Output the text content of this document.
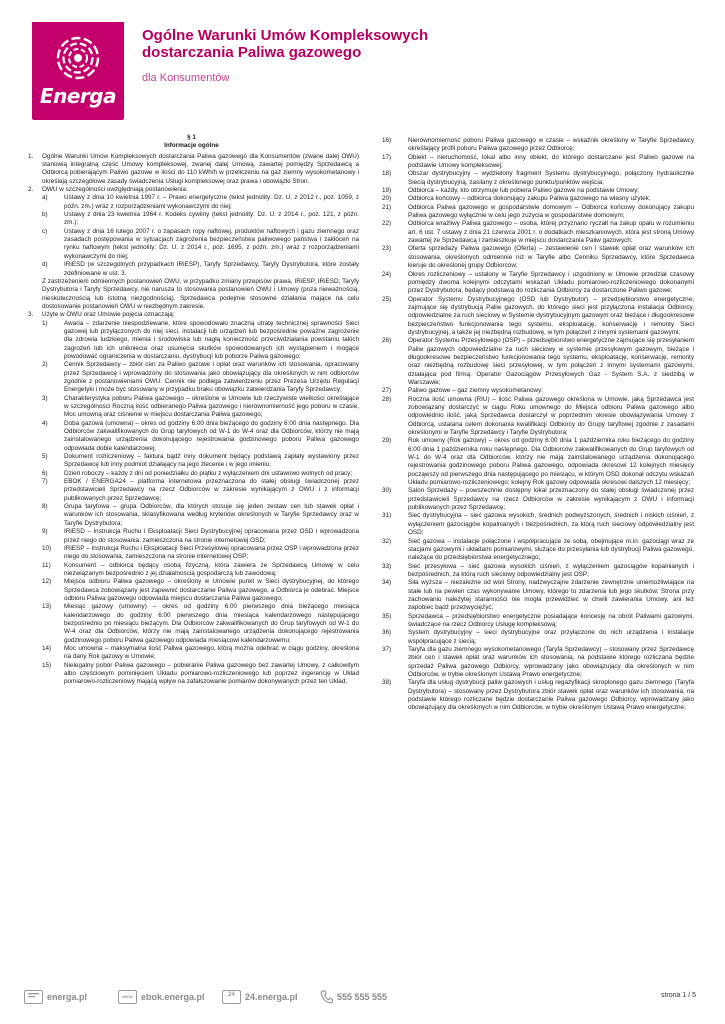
Energa
Ogólne Warunki Umów Kompleksowych
dostarczania Paliwa gazowego
dla Konsumentów
§ 1
Informacje ogólne
1. Ogólne Warunki Umów Kompleksowych dostarczania Paliwa gazowego dla Konsumentów (zwane dalej OWU) stanowią integralną część Umowy kompleksowej, zwanej dalej Umową, zawartej pomiędzy Sprzedawcą a Odbiorcą pobierającym Paliwo gazowe w ilości do 110 kWh/h w przeliczeniu na gaz ziemny wysokometanowy i określają szczegółowe zasady świadczenia Usługi kompleksowej oraz prawa i obowiązki Stron.
2. OWU w szczególności uwzględniają postanowienia:
a)	Ustawy z dnia 10 kwietnia 1997 r. – Prawo energetyczne (tekst jednolity: Dz. U. z 2012 r., poz. 1059, z późn. zm.) wraz z rozporządzeniami wykonawczymi do niej;
b)	Ustawy z dnia 23 kwietnia 1964 r. Kodeks cywilny (tekst jednolity: Dz. U. z 2014 r., poz. 121, z późn. zm.);
c)	Ustawy z dnia 16 lutego 2007 r. o zapasach ropy naftowej, produktów naftowych i gazu ziemnego oraz zasadach postępowania w sytuacjach zagrożenia bezpieczeństwa paliwowego państwa i zakłóceń na rynku naftowym (tekst jednolity: Dz. U. z 2014 r., poz. 1695, z późn. zm.) wraz z rozporządzeniami wykonawczymi do niej;
d)	IRiESD (w szczególnych przypadkach IRiESP), Taryfy Sprzedawcy, Taryfy Dystrybutora, które zostały zdefiniowane w ust. 3.

Z zastrzeżeniem odmiennych postanowień OWU, w przypadku zmiany przepisów prawa, IRiESP, IRiESD, Taryfy Dystrybutora i Taryfy Sprzedawcy, nie narusza to stosowania postanowień OWU i Umowy (poza nieważnością, nieskutecznością lub istotną niezgodnością). Sprzedawca podejmie stosowne działania mające na celu dostosowanie postanowień OWU w niezbędnym zakresie.

3. Użyte w OWU oraz Umowie pojęcia oznaczają:
1)	Awaria – zdarzenie niespodziewane, które spowodowało znaczną utratę technicznej sprawności Sieci gazowej lub przyłączonych do niej sieci, instalacji lub urządzeń lub bezpośrednie poważne zagrożenie dla zdrowia ludzkiego, mienia i środowiska lub nagłą konieczność przeciwdziałania powstaniu takich zagrożeń lub ich unikniecia oraz usunięcia skutków spowodowanych ich wystąpieniem i mogące powodować ograniczenia w dostarczaniu, dystrybucji lub poborze Paliwa gazowego;
2)	Cennik Sprzedawcy – zbiór cen za Paliwo gazowe i opłat oraz warunków ich stosowania, opracowany przez Sprzedawcę i wprowadzony do stosowania jako obowiązujący dla określonych w nim odbiorców zgodnie z postanowieniami OWU. Cennik nie podlega zatwierdzeniu przez Prezesa Urzędu Regulacji Energetyki i może być stosowany w przypadku braku obowiązku zatwierdzania Taryfy Sprzedawcy;
3)	Charakterystyka poboru Paliwa gazowego – określone w Umowie lub rzeczywiste wielkości określające w szczególności Roczną ilość odbieranego Paliwa gazowego i nierównomierność jego poboru w czasie, Moc umowną oraz ciśnienie w miejscu dostarczania Paliwa gazowego;
4)	Doba gazowa (umowna) – okres od godziny 6:00 dnia bieżącego do godziny 6:00 dnia następnego. Dla Odbiorców zakwalifikowanych do Grup taryfowych od W-1 do W-4 oraz dla Odbiorców, którzy nie mają zainstalowanego urządzenia dokonującego rejestrowania godzinowego poboru Paliwa gazowego odpowiada dobie kalendarzowej;
5)	Dokument rozliczeniowy – faktura bądź inny dokument będący podstawą zapłaty wystawiony przez Sprzedawcę lub inny podmiot działający na jego zlecenie i w jego imieniu;
6)	Dzień roboczy – każdy z dni od poniedziałku do piątku z wyłączeniem dni ustawowo wolnych od pracy;
7)	EBOK / ENERGA24 – platforma internetowa przeznaczona do stałej obsługi świadczonej przez przedstawicieli Sprzedawcy na rzecz Odbiorców w zakresie wynikającym z OWU i z informacji publikowanych przez Sprzedawcę;
8)	Grupa taryfowa – grupa Odbiorców, dla których stosuje się jeden zestaw cen lub stawek opłat i warunków ich stosowania, sklasyfikowana według kryteriów określonych w Taryfie Sprzedawcy oraz w Taryfie Dystrybutora;
9)	IRiESD – Instrukcja Ruchu i Eksploatacji Sieci Dystrybucyjnej opracowana przez OSD i wprowadzona przez niego do stosowania, zamieszczona na stronie internetowej OSD;
10) IRiESP – Instrukcja Ruchu i Eksploatacji Sieci Przesyłowej opracowana przez OSP i wprowadzona przez niego do stosowania, zamieszczona na stronie internetowej OSP;
11) Konsument – odbiorca będący osobą fizyczną, która zawiera ze Sprzedawcą Umowę w celu niezwiązanym bezpośrednio z jej działalnością gospodarczą lub zawodową;
12) Miejsce odbioru Paliwa gazowego – określony w Umowie punkt w Sieci dystrybucyjnej, do którego Sprzedawca zobowiązany jest zapewnić dostarczanie Paliwa gazowego, a Odbiorca je odebrać. Miejsce odbioru Paliwa gazowego odpowiada miejscu dostarczania Paliwa gazowego;
13) Miesiąc gazowy (umowny) – okres od godziny 6:00 pierwszego dnia bieżącego miesiąca kalendarzowego do godziny 6:00 pierwszego dnia miesiąca kalendarzowego następującego bezpośrednio po miesiącu bieżącym. Dla Odbiorców zakwalifikowanych do Grup taryfowych od W-1 do W-4 oraz dla Odbiorców, którzy nie mają zainstalowanego urządzenia dokonującego rejestrowania godzinowego poboru Paliwa gazowego odpowiada miesiącowi kalendarzowemu;
14) Moc umowna – maksymalna ilość Paliwa gazowego, którą można odebrać w ciągu godziny, określona na dany Rok gazowy w Umowie;
15) Nielegalny pobór Paliwa gazowego – pobieranie Paliwa gazowego bez zawartej Umowy, z całkowitym albo częściowym pominięciem Układu pomiarowo-rozliczeniowego lub poprzez ingerencję w Układ pomiarowo-rozliczeniowy mającą wpływ na zafałszowanie pomiarów dokonywanych przez ten Układ;
16)	Nierównomierność poboru Paliwa gazowego w czasie – wskaźnik określony w Taryfie Sprzedawcy określający profil poboru Paliwa gazowego przez Odbiorcę;
17)	Obiekt – nieruchomość, lokal albo inny obiekt, do którego dostarczane jest Paliwo gazowe na podstawie Umowy kompleksowej;
18)	Obszar dystrybucyjny – wydzielony fragment Systemu dystrybucyjnego, połączony hydraulicznie Siecią dystrybucyjną, zasilany z określonego punktu/punktów wejścia;
19)	Odbiorca – każdy, kto otrzymuje lub pobiera Paliwo gazowe na podstawie Umowy;
20)	Odbiorca końcowy – odbiorca dokonujący zakupu Paliwa gazowego na własny użytek;
21)	Odbiorca Paliwa gazowego w gospodarstwie domowym – Odbiorca końcowy dokonujący zakupu Paliwa gazowego wyłącznie w celu jego zużycia w gospodarstwie domowym;
22)	Odbiorca wrażliwy Paliwa gazowego – osoba, której przyznano ryczałt na zakup opału w rozumieniu art. 6 ust. 7 ustawy z dnia 21 czerwca 2001 r. o dodatkach mieszkaniowych, która jest stroną Umowy zawartej ze Sprzedawcą i zamieszkuje w miejscu dostarczania Paliw gazowych;
23)	Oferta sprzedaży Paliwa gazowego (Oferta) – zestawienie cen i stawek opłat oraz warunków ich stosowania, określonych odmiennie niż w Taryfie albo Cenniku Sprzedawcy, które Sprzedawca kieruje do określonej grupy Odbiorców;
24)	Okres rozliczeniowy – ustalony w Taryfie Sprzedawcy i uzgodniony w Umowie przedział czasowy pomiędzy dwoma kolejnymi odczytami wskazań Układu pomiarowo-rozliczeniowego dokonanymi przez Dystrybutora, będący podstawą do rozliczania Odbiorcy za dostarczone Paliwo gazowe;
25)	Operator Systemu Dystrybucyjnego (OSD lub Dystrybutor) – przedsiębiorstwo energetyczne, zajmujące się dystrybucją Paliw gazowych, do którego sieci jest przyłączona instalacja Odbiorcy, odpowiedzialne za ruch sieciowy w Systemie dystrybucyjnym gazowym oraz bieżące i długookresowe bezpieczeństwo funkcjonowania tego systemu, eksploatację, konserwację i remonty Sieci dystrybucyjnej, a także jej niezbędną rozbudowę, w tym połączeń z innymi systemami gazowymi;
26)	Operator Systemu Przesyłowego (OSP) – przedsiębiorstwo energetyczne zajmujące się przesyłaniem Paliw gazowych odpowiedzialne za ruch sieciowy w systemie przesyłowym gazowym, bieżące i długookresowe bezpieczeństwo funkcjonowania tego systemu, eksploatację, konserwację, remonty oraz niezbędną rozbudowę sieci przesyłowej, w tym połączeń z innymi systemami gazowymi, działająca pod firmą: Operator Gazociągów Przesyłowych Gaz - System S.A. z siedzibą w Warszawie;
27)	Paliwo gazowe – gaz ziemny wysokometanowy;
28)	Roczna ilość umowna (RIU) – ilość Paliwa gazowego określona w Umowie, jaką Sprzedawca jest zobowiązany dostarczyć w ciągu Roku umownego do Miejsca odbioru Paliwa gazowego albo odpowiednio ilość, jaką Sprzedawca dostarczył w poprzednim okresie obowiązywania Umowy z Odbiorcą, ustalana celem dokonania kwalifikacji Odbiorcy do Grupy taryfowej zgodnie z zasadami określonymi w Taryfie Sprzedawcy i Taryfie Dystrybutora;
29)	Rok umowny (Rok gazowy) – okres od godziny 6:00 dnia 1 października roku bieżącego do godziny 6:00 dnia 1 października roku następnego. Dla Odbiorców zakwalifikowanych do Grup taryfowych od W-1 do W-4 oraz dla Odbiorców, którzy nie mają zainstalowanego urządzenia dokonującego rejestrowania godzinowego poboru Paliwa gazowego, odpowiada okresowi 12 kolejnych miesięcy począwszy od pierwszego dnia następującego po miesiącu, w którym OSD dokonał odczytu wskazań Układu pomiarowo-rozliczeniowego; kolejny Rok gazowy odpowiada okresowi dalszych 12 miesięcy;
30)	Salon Sprzedaży – powszechnie dostępny lokal przeznaczony do stałej obsługi świadczonej przez przedstawicieli Sprzedawcy na rzecz Odbiorców w zakresie wynikającym z OWU i informacji publikowanych przez Sprzedawcę;
31)	Sieć dystrybucyjna – sieć gazowa wysokich, średnich podwyższonych, średnich i niskich ciśnień, z wyłączeniem gazociągów kopalnianych i bezpośrednich, za którą ruch sieciowy odpowiedzialny jest OSD;
32)	Sieć gazowa – instalacje połączone i współpracujące ze sobą, obejmujące m.in. gazociągi wraz ze stacjami gazowymi i układami pomiarowymi, służące do przesyłania lub dystrybucji Paliwa gazowego, należące do przedsiębiorstwa energetycznego;
33)	Sieć przesyłowa – sieć gazowa wysokich ciśnień, z wyłączeniem gazociągów kopalnianych i bezpośrednich, za którą ruch sieciowy odpowiedzialny jest OSP;
34)	Siła wyższa – niezależne od woli Strony, nadzwyczajne zdarzenie zewnętrzne uniemożliwiające na stałe lub na pewien czas wykonywanie Umowy, którego to zdarzenia lub jego skutków, Strona przy zachowaniu należytej staranności nie mogła przewidzieć w chwili zawierania Umowy, ani też zapobiec bądź przezwyciężyć;
35)	Sprzedawca – przedsiębiorstwo energetyczne posiadające koncesję na obrót Paliwami gazowymi, świadczące na rzecz Odbiorcy Usługę kompleksową;
36)	System dystrybucyjny – sieci dystrybucyjne oraz przyłączone do nich urządzenia i instalacje współpracujące z siecią;
37)	Taryfa dla gazu ziemnego wysokometanowego (Taryfa Sprzedawcy) – stosowany przez Sprzedawcę zbiór cen i stawek opłat oraz warunków ich stosowania, na podstawie którego rozliczana będzie sprzedaż Paliwa gazowego Odbiorcy, wprowadzany jako obowiązujący dla określonych w nim Odbiorców, w trybie określonym Ustawą Prawo energetyczne;
38)	Taryfa dla usług dystrybucji paliw gazowych i usług regazyfikacji skroplonego gazu ziemnego (Taryfa Dystrybutora) – stosowany przez Dystrybutora zbiór stawek opłat oraz warunków ich stosowania, na podstawie którego rozliczane będzie dostarczanie Paliwa gazowego Odbiorcy, wprowadzany jako obowiązujący dla określonych w nim Odbiorców, w trybie określonym Ustawą Prawo energetyczne;
energa.pl	eBOK ebok.energa.pl	24	24.energa.pl	555 555 555	strona 1 / 5
